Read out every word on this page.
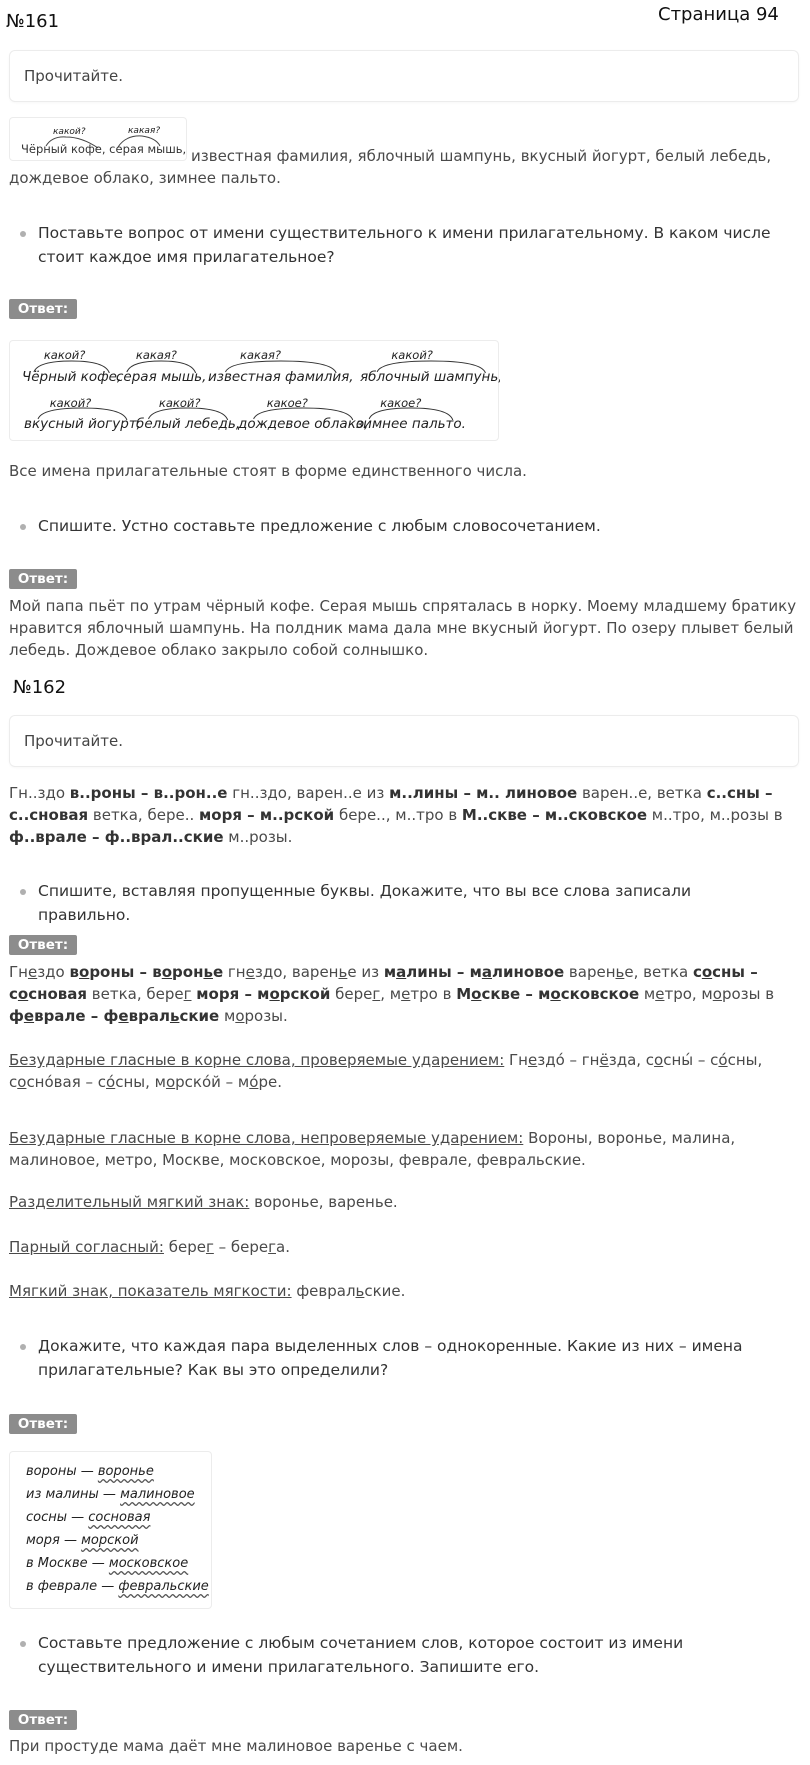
№161	Страница 94
Прочитайте.
какой?	какая?
Чёрный кофе, серая мышь, известная фамилия, яблочный шампунь, вкусный йогурт, белый лебедь, дождевое облако, зимнее пальто.
Поставьте вопрос от имени существительного к имени прилагательному. В каком числе стоит каждое имя прилагательное?
Ответ:
Чёрный кофе,
какой?
серая мышь,
какая?
известная фамилия,
какая?
яблочный шампунь,
какой?
вкусный йогурт,
какой?
белый лебедь,
какой?
дождевое облако,
какое?
зимнее пальто.
какое?
Все имена прилагательные стоят в форме единственного числа.
Спишите. Устно составьте предложение с любым словосочетанием.
Ответ:
Мой папа пьёт по утрам чёрный кофе. Серая мышь спряталась в норку. Моему младшему братику нравится яблочный шампунь. На полдник мама дала мне вкусный йогурт. По озеру плывет белый лебедь. Дождевое облако закрыло собой солнышко.
№162
Прочитайте.
Гн..здо в..роны – в..рон..е гн..здо, варен..е из м..лины – м.. линовое варен..е, ветка с..сны – с..сновая ветка, бере.. моря – м..рской бере.., м..тро в М..скве – м..сковское м..тро, м..розы в ф..врале – ф..врал..ские м..розы.
Спишите, вставляя пропущенные буквы. Докажите, что вы все слова записали правильно.
Ответ:
Гнездо вороны – воронье гнездо, варенье из малины – малиновое варенье, ветка сосны – сосновая ветка, берег моря – морской берег, метро в Москве – московское метро, морозы в феврале – февральские морозы.
Безударные гласные в корне слова, проверяемые ударением: Гнездо́ – гнёзда, сосны́ – со́сны, сосно́вая – со́сны, морско́й – мо́ре.
Безударные гласные в корне слова, непроверяемые ударением: Вороны, воронье, малина, малиновое, метро, Москве, московское, морозы, феврале, февральские.
Разделительный мягкий знак: воронье, варенье.
Парный согласный: берег – берега.
Мягкий знак, показатель мягкости: февральские.
Докажите, что каждая пара выделенных слов – однокоренные. Какие из них – имена прилагательные? Как вы это определили?
Ответ:
вороны — воронье
из малины — малиновое
сосны — сосновая
моря — морской
в Москве — московское
в феврале — февральские
Составьте предложение с любым сочетанием слов, которое состоит из имени существительного и имени прилагательного. Запишите его.
Ответ:
При простуде мама даёт мне малиновое варенье с чаем.
